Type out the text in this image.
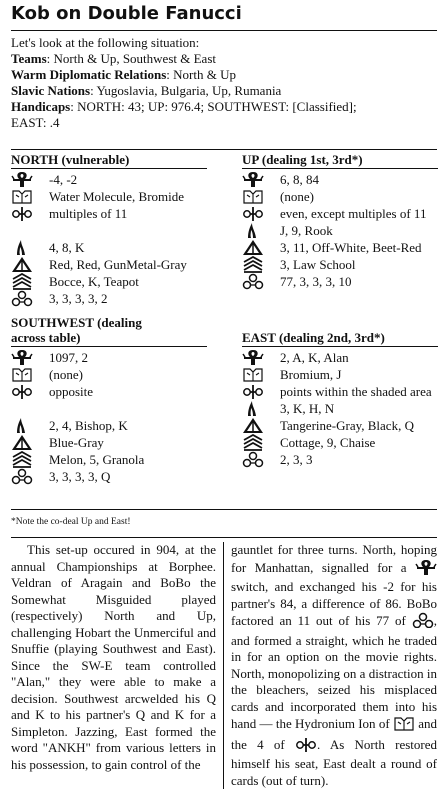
Kob on Double Fanucci
Let's look at the following situation:
Teams: North & Up, Southwest & East
Warm Diplomatic Relations: North & Up
Slavic Nations: Yugoslavia, Bulgaria, Up, Rumania
Handicaps: NORTH: 43; UP: 976.4; SOUTHWEST: [Classified];
EAST: .4
NORTH (vulnerable)
-4, -2
Water Molecule, Bromide
multiples of 11
4, 8, K
Red, Red, GunMetal-Gray
Bocce, K, Teapot
3, 3, 3, 3, 2
UP (dealing 1st, 3rd*)
6, 8, 84
(none)
even, except multiples of 11
J, 9, Rook
3, 11, Off-White, Beet-Red
3, Law School
77, 3, 3, 3, 10
SOUTHWEST (dealing
across table)
1097, 2
(none)
opposite
2, 4, Bishop, K
Blue-Gray
Melon, 5, Granola
3, 3, 3, 3, Q
EAST (dealing 2nd, 3rd*)
2, A, K, Alan
Bromium, J
points within the shaded area
3, K, H, N
Tangerine-Gray, Black, Q
Cottage, 9, Chaise
2, 3, 3
*Note the co-deal Up and East!
This set-up occured in 904, at the annual Championships at Borphee. Veldran of Aragain and BoBo the Somewhat Misguided played (respectively) North and Up, challenging Hobart the Unmerciful and Snuffie (playing Southwest and East). Since the SW-E team controlled "Alan," they were able to make a decision. Southwest arcwelded his Q and K to his partner's Q and K for a Simpleton. Jazzing, East formed the word "ANKH" from various letters in his possession, to gain control of the
gauntlet for three turns. North, hoping for Manhattan, signalled for a  switch, and exchanged his -2 for his partner's 84, a difference of 86. BoBo factored an 11 out of his 77 of , and formed a straight, which he traded in for an option on the movie rights. North, monopolizing on a distraction in the bleachers, seized his misplaced cards and incorporated them into his hand — the Hydronium Ion of and the 4 of . As North restored himself his seat, East dealt a round of cards (out of turn).
